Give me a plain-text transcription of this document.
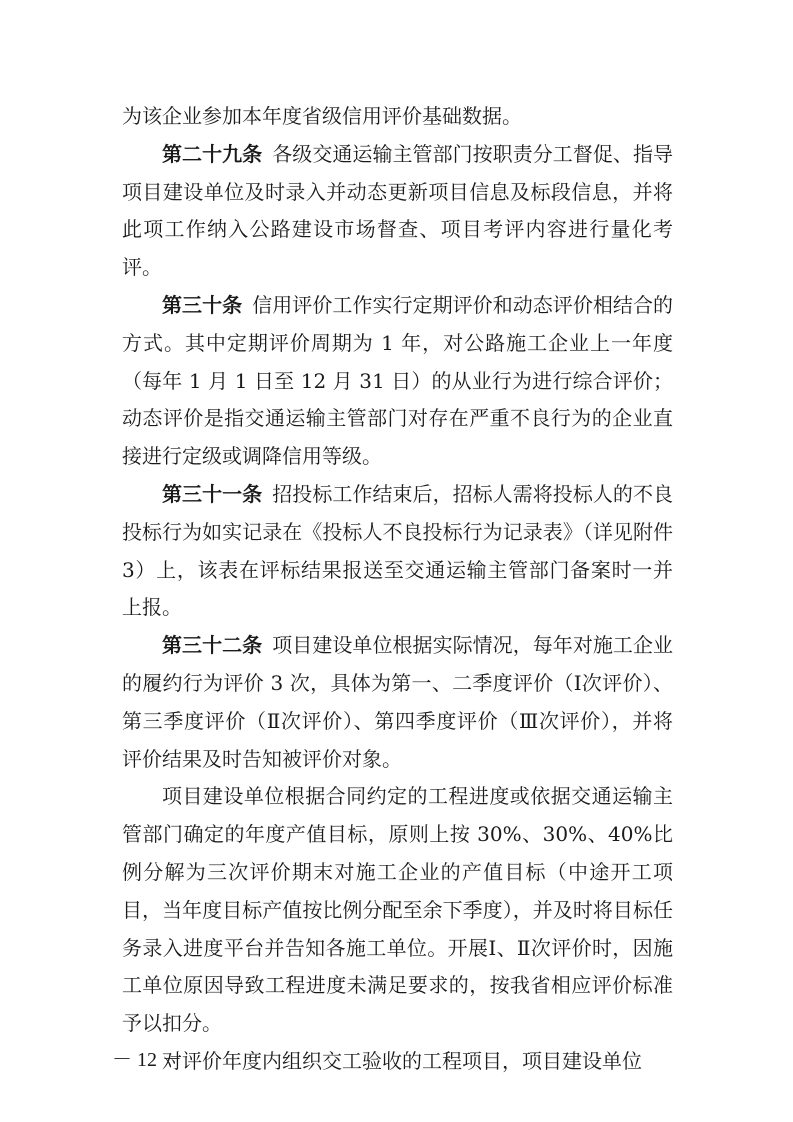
为该企业参加本年度省级信用评价基础数据。

第二十九条  各级交通运输主管部门按职责分工督促、指导项目建设单位及时录入并动态更新项目信息及标段信息，并将此项工作纳入公路建设市场督查、项目考评内容进行量化考评。

第三十条  信用评价工作实行定期评价和动态评价相结合的方式。其中定期评价周期为 1 年，对公路施工企业上一年度（每年 1 月 1 日至 12 月 31 日）的从业行为进行综合评价；动态评价是指交通运输主管部门对存在严重不良行为的企业直接进行定级或调降信用等级。

第三十一条  招投标工作结束后，招标人需将投标人的不良投标行为如实记录在《投标人不良投标行为记录表》（详见附件 3）上，该表在评标结果报送至交通运输主管部门备案时一并上报。

第三十二条  项目建设单位根据实际情况，每年对施工企业的履约行为评价 3 次，具体为第一、二季度评价（Ⅰ次评价）、第三季度评价（Ⅱ次评价）、第四季度评价（Ⅲ次评价），并将评价结果及时告知被评价对象。

项目建设单位根据合同约定的工程进度或依据交通运输主管部门确定的年度产值目标，原则上按 30%、30%、40%比例分解为三次评价期末对施工企业的产值目标（中途开工项目，当年度目标产值按比例分配至余下季度），并及时将目标任务录入进度平台并告知各施工单位。开展Ⅰ、Ⅱ次评价时，因施工单位原因导致工程进度未满足要求的，按我省相应评价标准予以扣分。

对评价年度内组织交工验收的工程项目，项目建设单位

－ 12 －
